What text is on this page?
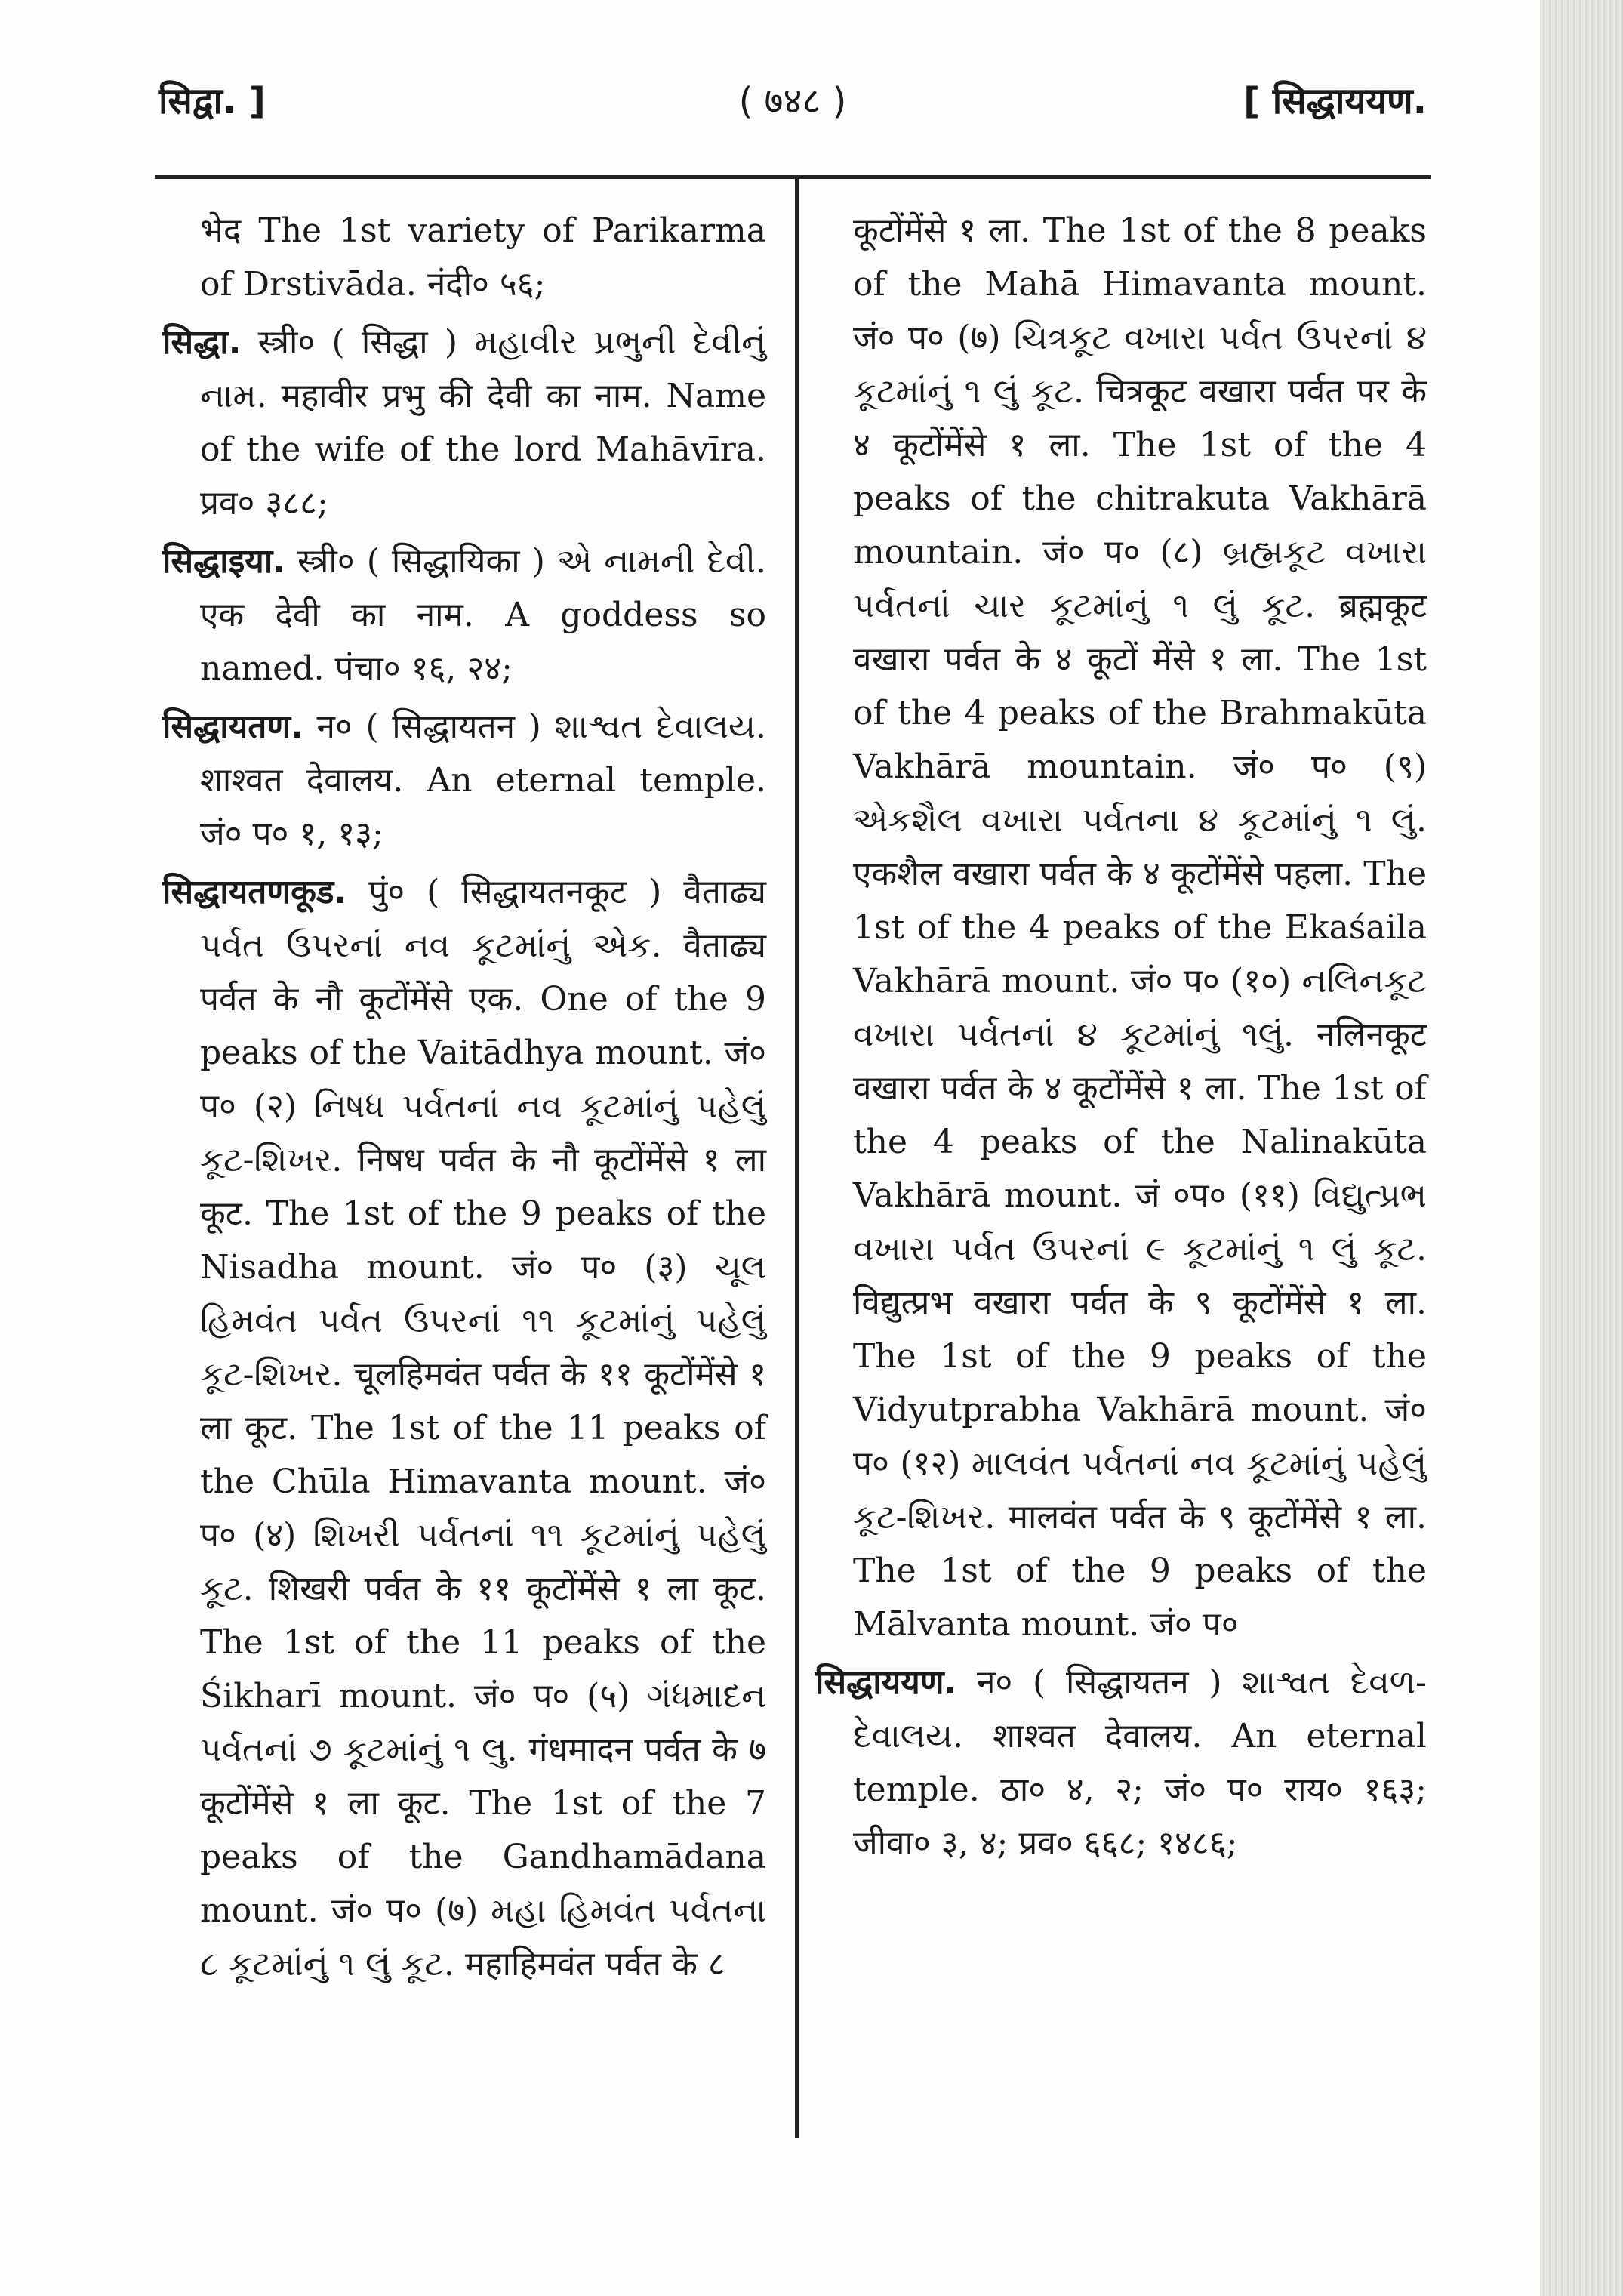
सिद्वा. ]	( ७४८ )	[ सिद्धाययण.

भेद The 1st variety of Parikarma of Drstivāda. नंदी० ५६;

सिद्धा. स्त्री० ( सिद्धा ) મહાવીર પ્રભુની દેવીનું નામ. महावीर प्रभु की देवी का नाम. Name of the wife of the lord Mahāvīra. प्रव० ३८८;

सिद्धाइया. स्त्री० ( सिद्धायिका ) એ નામની દેવી. एक देवी का नाम. A goddess so named. पंचा० १६, २४;

सिद्धायतण. न० ( सिद्धायतन ) શાશ્વત દેવાલય. शाश्वत देवालय. An eternal temple. जं० प० १, १३;

सिद्धायतणकूड. पुं० ( सिद्धायतनकूट ) वैताढ्य પર્વત ઉપરનાં નવ કૂટમાંનું એક. वैताढ्य पर्वत के नौ कूटोंमेंसे एक. One of the 9 peaks of the Vaitādhya mount. जं० प० (२) નિષધ પર્વતનાં નવ કૂટમાંનું પહેલું કૂટ-શિખર. निषध पर्वत के नौ कूटोंमेंसे १ ला कूट. The 1st of the 9 peaks of the Nisadha mount. जं० प० (३) ચૂલ હિમવંત પર્વત ઉપરનાં ૧૧ કૂટમાંનું પહેલું કૂટ-શિખર. चूलहिमवंत पर्वत के ११ कूटोंमेंसे १ ला कूट. The 1st of the 11 peaks of the Chūla Himavanta mount. जं० प० (४) શિખરી પર્વતનાં ૧૧ કૂટમાંનું પહેલું કૂટ. शिखरी पर्वत के ११ कूटोंमेंसे १ ला कूट. The 1st of the 11 peaks of the Śikharī mount. जं० प० (५) ગંધમાદન પર્વતનાં ૭ કૂટમાંનું ૧ લુ. गंधमादन पर्वत के ७ कूटोंमेंसे १ ला कूट. The 1st of the 7 peaks of the Gandhamādana mount. जं० प० (७) મહા હિમવંત પર્વતના ૮ કૂટમાંનું ૧ લું કૂટ. महाहिमवंत पर्वत के ८

कूटोंमेंसे १ ला. The 1st of the 8 peaks of the Mahā Himavanta mount. जं० प० (७) ચિત્રકૂટ વખારા પર્વત ઉપરનાં ૪ કૂટમાંનું ૧ લું કૂટ. चित्रकूट वखारा पर्वत पर के ४ कूटोंमेंसे १ ला. The 1st of the 4 peaks of the chitrakuta Vakhārā mountain. जं० प० (८) બ્રહ્મકૂટ વખારા પર્વતનાં ચાર કૂટમાંનું ૧ લું કૂટ. ब्रह्मकूट वखारा पर्वत के ४ कूटों मेंसे १ ला. The 1st of the 4 peaks of the Brahmakūta Vakhārā mountain. जं० प० (९) એકશૈલ વખારા પર્વતના ૪ કૂટમાંનું ૧ લું. एकशैल वखारा पर्वत के ४ कूटोंमेंसे पहला. The 1st of the 4 peaks of the Ekaśaila Vakhārā mount. जं० प० (१०) નલિનકૂટ વખારા પર્વતનાં ૪ કૂટમાંનું ૧લું. नलिनकूट वखारा पर्वत के ४ कूटोंमेंसे १ ला. The 1st of the 4 peaks of the Nalinakūta Vakhārā mount. जं ०प० (११) વિદ્યુત્પ્રભ વખારા પર્વત ઉપરનાં ૯ કૂટમાંનું ૧ લું કૂટ. विद्युत्प्रभ वखारा पर्वत के ९ कूटोंमेंसे १ ला. The 1st of the 9 peaks of the Vidyutprabha Vakhārā mount. जं० प० (१२) માલવંત પર્વતનાં નવ કૂટમાંનું પહેલું કૂટ-શિખર. मालवंत पर्वत के ९ कूटोंमेंसे १ ला. The 1st of the 9 peaks of the Mālvanta mount. जं० प०

सिद्धाययण. न० ( सिद्धायतन ) શાશ્વત દેવળ-દેવાલય. शाश्वत देवालय. An eternal temple. ठा० ४, २; जं० प० राय० १६३; जीवा० ३, ४; प्रव० ६६८; १४८६;
